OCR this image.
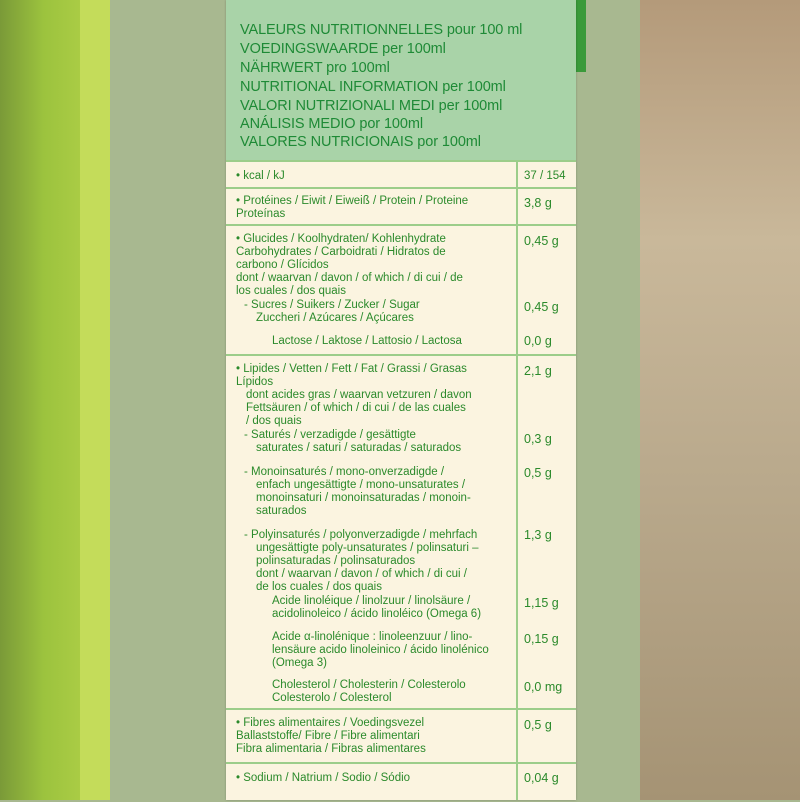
VALEURS NUTRITIONNELLES pour 100 ml
VOEDINGSWAARDE per 100ml
NÄHRWERT pro 100ml
NUTRITIONAL INFORMATION per 100ml
VALORI NUTRIZIONALI MEDI per 100ml
ANÁLISIS MEDIO por 100ml
VALORES NUTRICIONAIS por 100ml
• kcal / kJ	37 / 154
• Protéines / Eiwit / Eiweiß / Protein / Proteine
Proteínas
3,8 g
• Glucides / Koolhydraten/ Kohlenhydrate
Carbohydrates / Carboidrati / Hidratos de
carbono / Glícidos
dont / waarvan / davon / of which / di cui / de
los cuales / dos quais
0,45 g
- Sucres / Suikers / Zucker / Sugar
Zuccheri / Azúcares / Açúcares
0,45 g
Lactose / Laktose / Lattosio / Lactosa	0,0 g
• Lipides / Vetten / Fett / Fat / Grassi / Grasas
Lípidos
dont acides gras / waarvan vetzuren / davon
Fettsäuren / of which / di cui / de las cuales
/ dos quais
2,1 g
- Saturés / verzadigde / gesättigte
saturates / saturi / saturadas / saturados
0,3 g
- Monoinsaturés / mono-onverzadigde /
enfach ungesättigte / mono-unsaturates /
monoinsaturi / monoinsaturadas / monoin-
saturados
0,5 g
- Polyinsaturés / polyonverzadigde / mehrfach
ungesättigte poly-unsaturates / polinsaturi –
polinsaturadas / polinsaturados
dont / waarvan / davon / of which / di cui /
de los cuales / dos quais
1,3 g
Acide linoléique / linolzuur / linolsäure /
acidolinoleico / ácido linoléico (Omega 6)
1,15 g
Acide α-linolénique : linoleenzuur / lino-
lensäure acido linoleinico / ácido linolénico
(Omega 3)
0,15 g
Cholesterol / Cholesterin / Colesterolo
Colesterolo / Colesterol
0,0 mg
• Fibres alimentaires / Voedingsvezel
Ballaststoffe/ Fibre / Fibre alimentari
Fibra alimentaria / Fibras alimentares
0,5 g
• Sodium / Natrium / Sodio / Sódio	0,04 g
